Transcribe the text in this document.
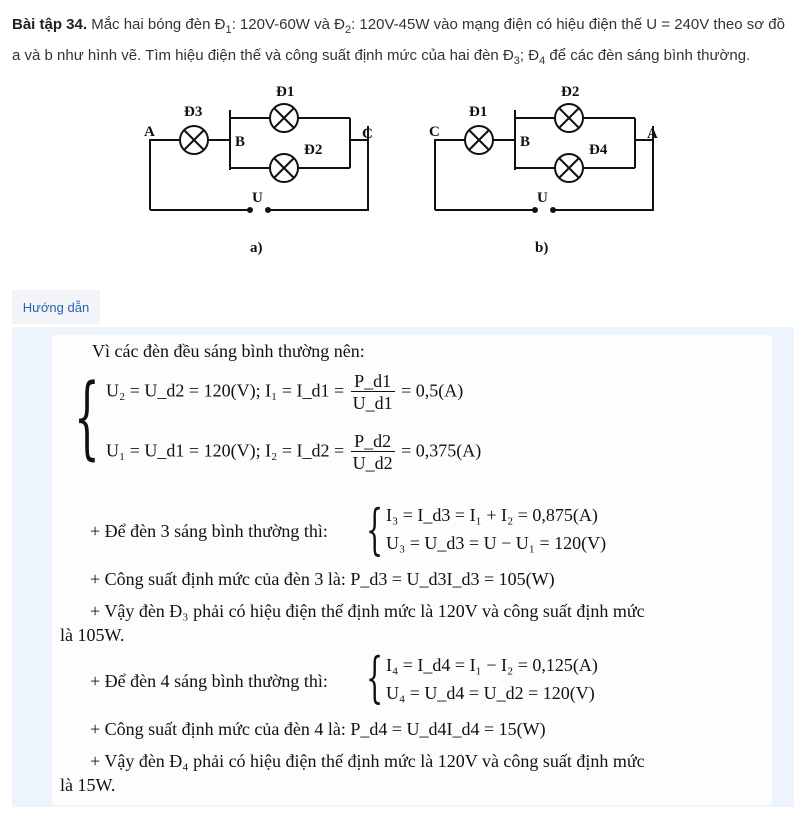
Bài tập 34. Mắc hai bóng đèn $Đ_1$: 120V-60W và $Đ_2$: 120V-45W vào mạng điện có hiệu điện thế U = 240V theo sơ đồ a và b như hình vẽ. Tìm hiệu điện thế và công suất định mức của hai đèn $Đ_3$; $Đ_4$ để các đèn sáng bình thường.
A
Đ3
B
Đ1
Đ2
C
U
a)
C
Đ1
B
Đ2
Đ4
A
U
b)
Hướng dẫn
Vì các đèn đều sáng bình thường nên:
{ U₂ = U_d2 = 120(V); I₁ = I_d1 = $\frac{P\_d1}{U\_d1} = 0,5(A)$
U₁ = U_d1 = 120(V); I₂ = I_d2 = $\frac{P\_d2}{U\_d2} = 0,375(A)$
+ Để đèn 3 sáng bình thường thì: { I₃ = I_d3 = I₁ + I₂ = 0,875(A)
U₃ = U_d3 = U − U₁ = 120(V)
+ Công suất định mức của đèn 3 là: P_d3 = U_d3I_d3 = 105(W)
+ Vậy đèn Đ₃ phải có hiệu điện thế định mức là 120V và công suất định mức
là 105W.
+ Để đèn 4 sáng bình thường thì: { I₄ = I_d4 = I₁ − I₂ = 0,125(A)
U₄ = U_d4 = U_d2 = 120(V)
+ Công suất định mức của đèn 4 là: P_d4 = U_d4I_d4 = 15(W)
+ Vậy đèn Đ₄ phải có hiệu điện thế định mức là 120V và công suất định mức
là 15W.
